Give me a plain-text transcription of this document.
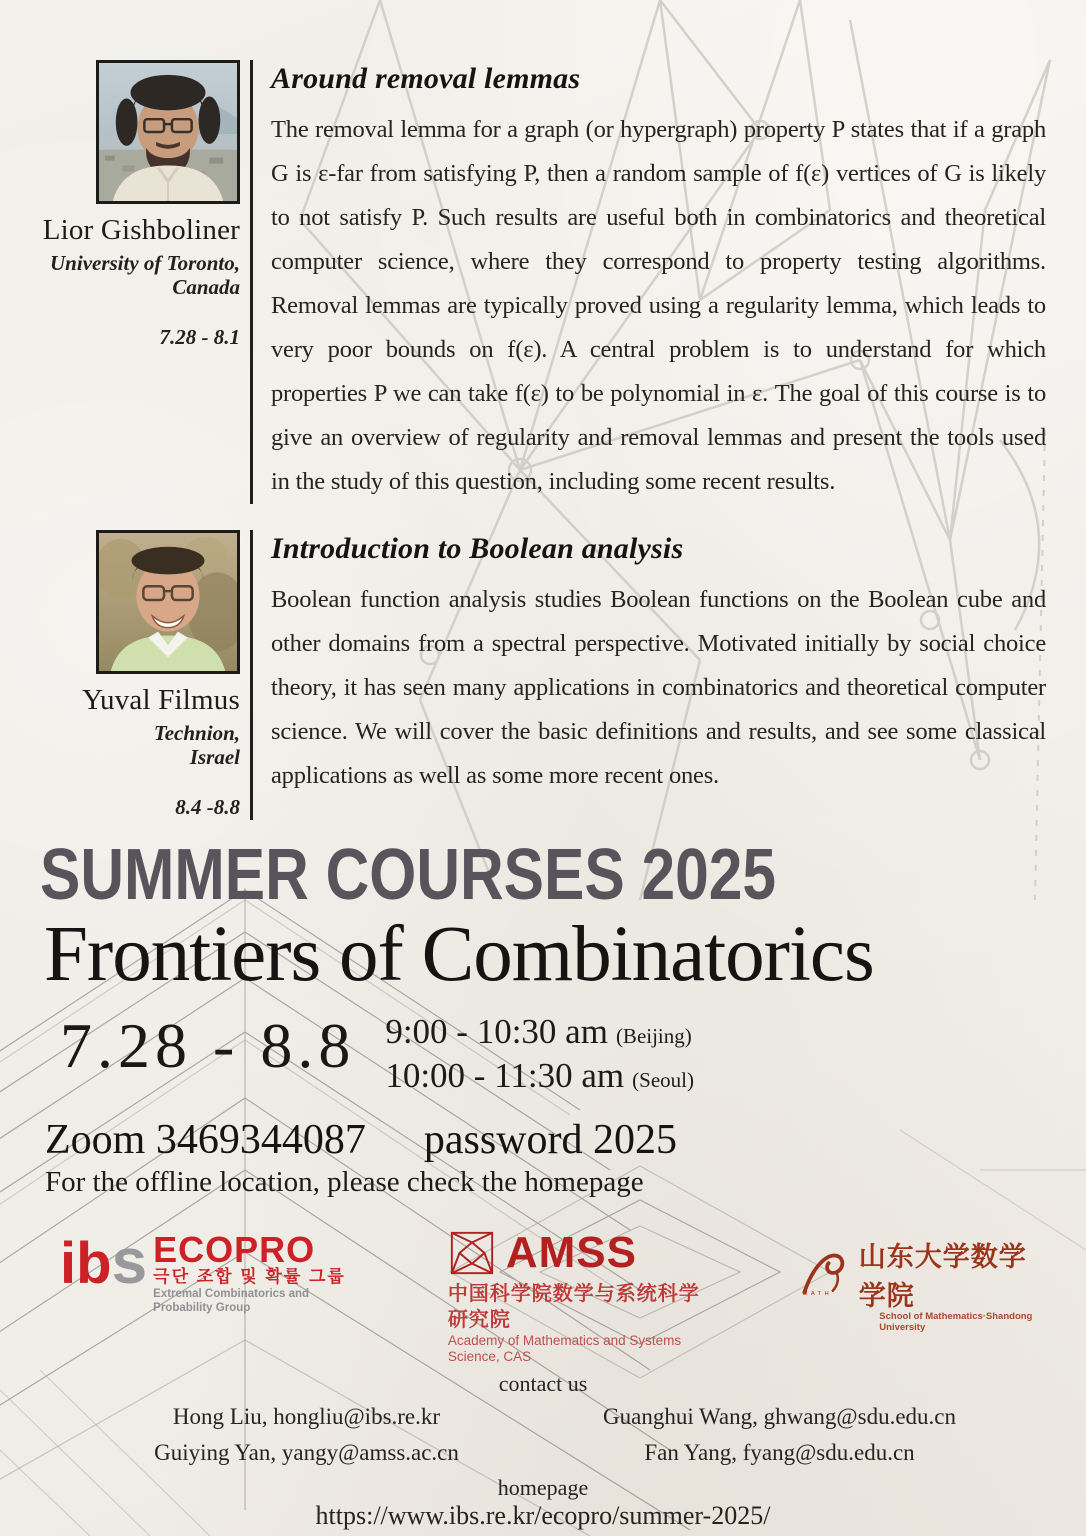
Lior Gishboliner
University of Toronto,
Canada
7.28 - 8.1
Around removal lemmas
The removal lemma for a graph (or hypergraph) property P states that if a graph G is ε-far from satisfying P, then a random sample of f(ε) vertices of G is likely to not satisfy P. Such results are useful both in combinatorics and theoretical computer science, where they correspond to property testing algorithms. Removal lemmas are typically proved using a regularity lemma, which leads to very poor bounds on f(ε). A central problem is to understand for which properties P we can take f(ε) to be polynomial in ε. The goal of this course is to give an overview of regularity and removal lemmas and present the tools used in the study of this question, including some recent results.
Yuval Filmus
Technion,
Israel
8.4 -8.8
Introduction to Boolean analysis
Boolean function analysis studies Boolean functions on the Boolean cube and other domains from a spectral perspective. Motivated initially by social choice theory, it has seen many applications in combinatorics and theoretical computer science. We will cover the basic definitions and results, and see some classical applications as well as some more recent ones.
SUMMER COURSES 2025
Frontiers of Combinatorics
7.28 - 8.8 9:00 - 10:30 am (Beijing)
10:00 - 11:30 am (Seoul)
Zoom 3469344087 password 2025
For the offline location, please check the homepage
ibs ECOPRO
극단 조합 및 확률 그룹
Extremal Combinatorics and Probability Group
AMSS
中国科学院数学与系统科学研究院
Academy of Mathematics and Systems Science, CAS
MATH
山东大学数学学院
School of Mathematics·Shandong University
contact us
Hong Liu, hongliu@ibs.re.kr	Guanghui Wang, ghwang@sdu.edu.cn
Guiying Yan, yangy@amss.ac.cn	Fan Yang, fyang@sdu.edu.cn
homepage
https://www.ibs.re.kr/ecopro/summer-2025/
